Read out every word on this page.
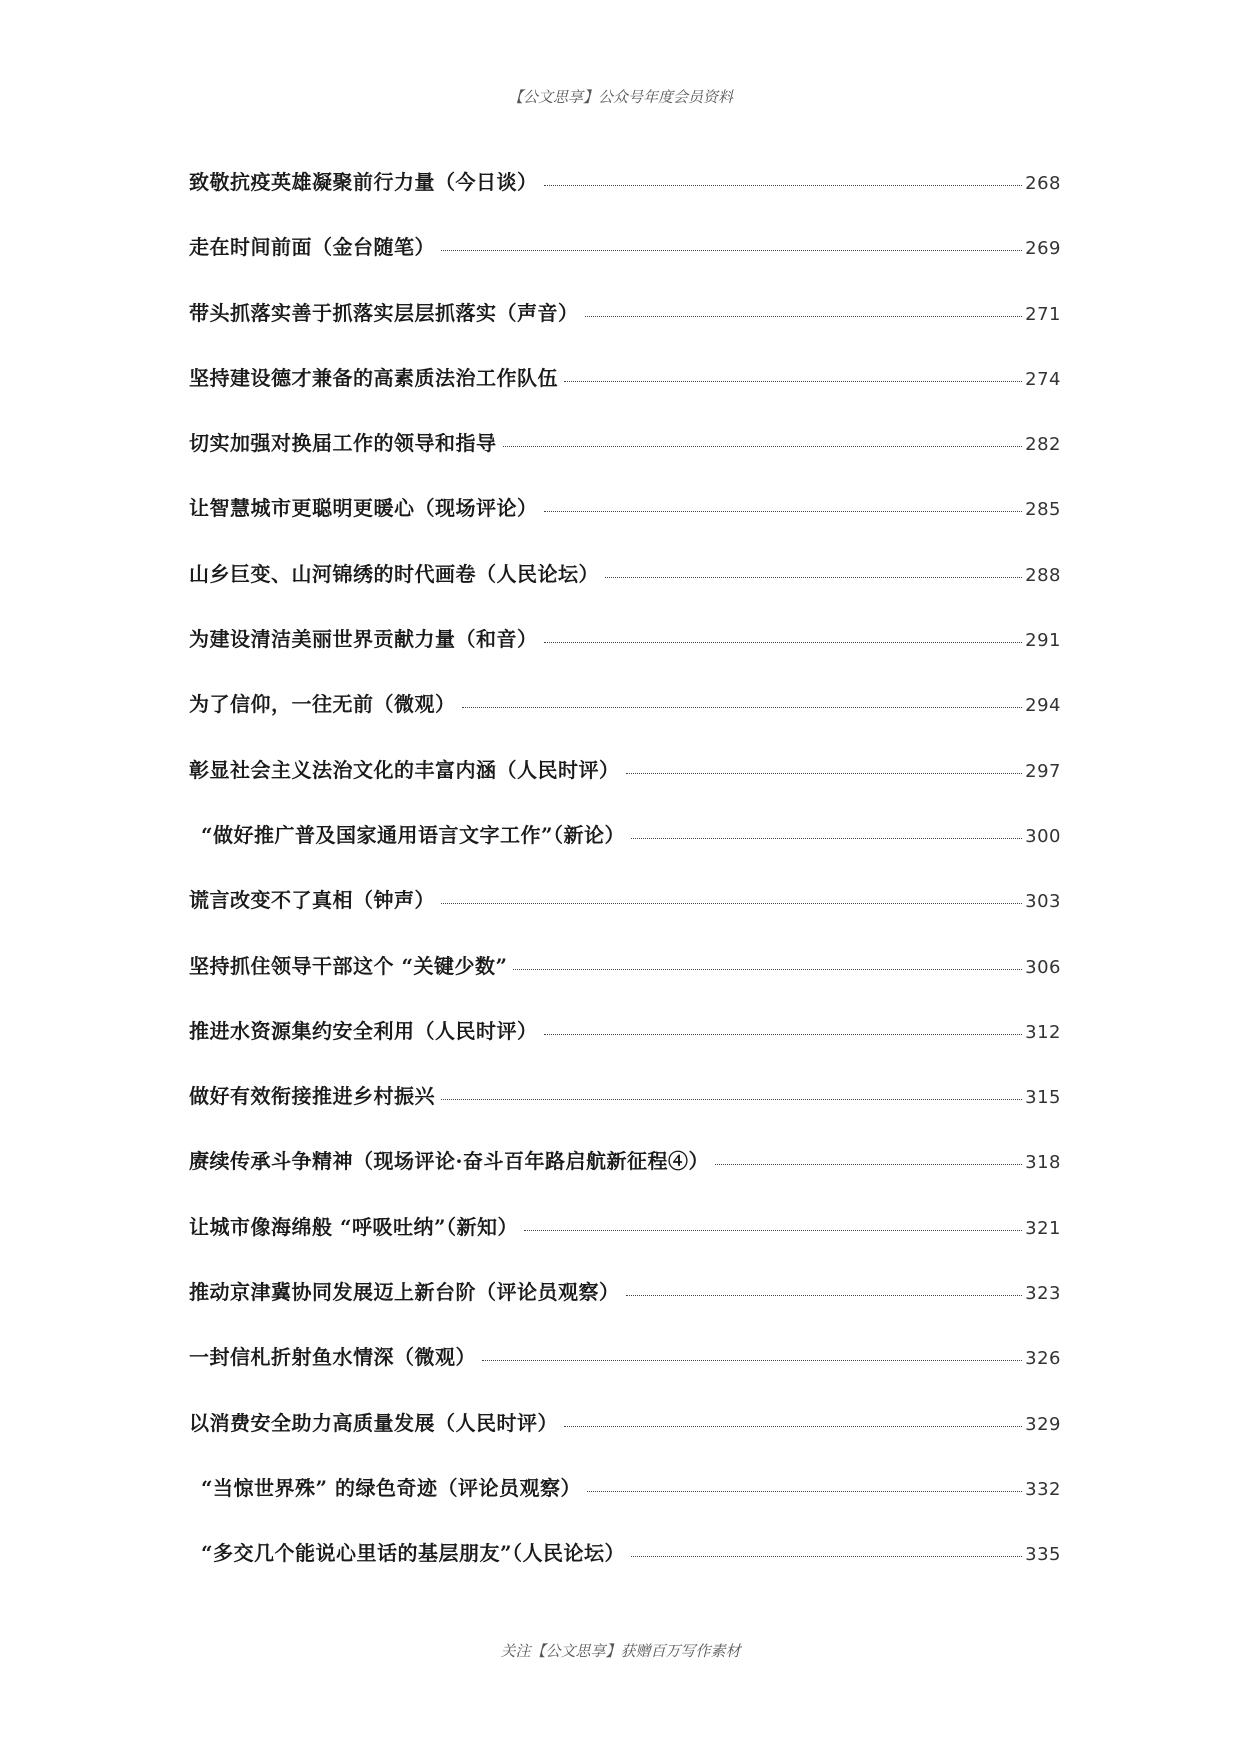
【公文思享】公众号年度会员资料
致敬抗疫英雄凝聚前行力量（今日谈）	268
走在时间前面（金台随笔）	269
带头抓落实善于抓落实层层抓落实（声音）	271
坚持建设德才兼备的高素质法治工作队伍	274
切实加强对换届工作的领导和指导	282
让智慧城市更聪明更暖心（现场评论）	285
山乡巨变、山河锦绣的时代画卷（人民论坛）	288
为建设清洁美丽世界贡献力量（和音）	291
为了信仰，一往无前（微观）	294
彰显社会主义法治文化的丰富内涵（人民时评）	297
“做好推广普及国家通用语言文字工作”（新论）	300
谎言改变不了真相（钟声）	303
坚持抓住领导干部这个 “关键少数”	306
推进水资源集约安全利用（人民时评）	312
做好有效衔接推进乡村振兴	315
赓续传承斗争精神（现场评论·奋斗百年路启航新征程④）	318
让城市像海绵般 “呼吸吐纳”（新知）	321
推动京津冀协同发展迈上新台阶（评论员观察）	323
一封信札折射鱼水情深（微观）	326
以消费安全助力高质量发展（人民时评）	329
“当惊世界殊” 的绿色奇迹（评论员观察）	332
“多交几个能说心里话的基层朋友”（人民论坛）	335
关注【公文思享】获赠百万写作素材
